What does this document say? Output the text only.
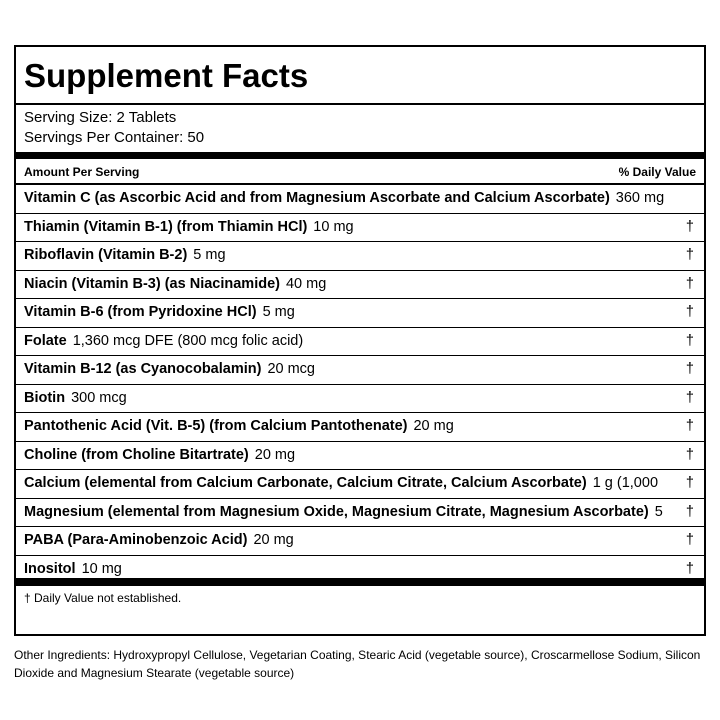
Supplement Facts
Serving Size: 2 Tablets
Servings Per Container: 50
Amount Per Serving	% Daily Value
Vitamin C (as Ascorbic Acid and from Magnesium Ascorbate and Calcium Ascorbate) 360 mg
Thiamin (Vitamin B-1) (from Thiamin HCl) 10 mg	†
Riboflavin (Vitamin B-2) 5 mg	†
Niacin (Vitamin B-3) (as Niacinamide) 40 mg	†
Vitamin B-6 (from Pyridoxine HCl) 5 mg	†
Folate 1,360 mcg DFE (800 mcg folic acid)	†
Vitamin B-12 (as Cyanocobalamin) 20 mcg	†
Biotin 300 mcg	†
Pantothenic Acid (Vit. B-5) (from Calcium Pantothenate) 20 mg	†
Choline (from Choline Bitartrate) 20 mg	†
Calcium (elemental from Calcium Carbonate, Calcium Citrate, Calcium Ascorbate) 1 g (1,000 †
Magnesium (elemental from Magnesium Oxide, Magnesium Citrate, Magnesium Ascorbate) 5 †
PABA (Para-Aminobenzoic Acid) 20 mg	†
Inositol 10 mg	†
† Daily Value not established.
Other Ingredients: Hydroxypropyl Cellulose, Vegetarian Coating, Stearic Acid (vegetable source), Croscarmellose Sodium, Silicon Dioxide and Magnesium Stearate (vegetable source)
